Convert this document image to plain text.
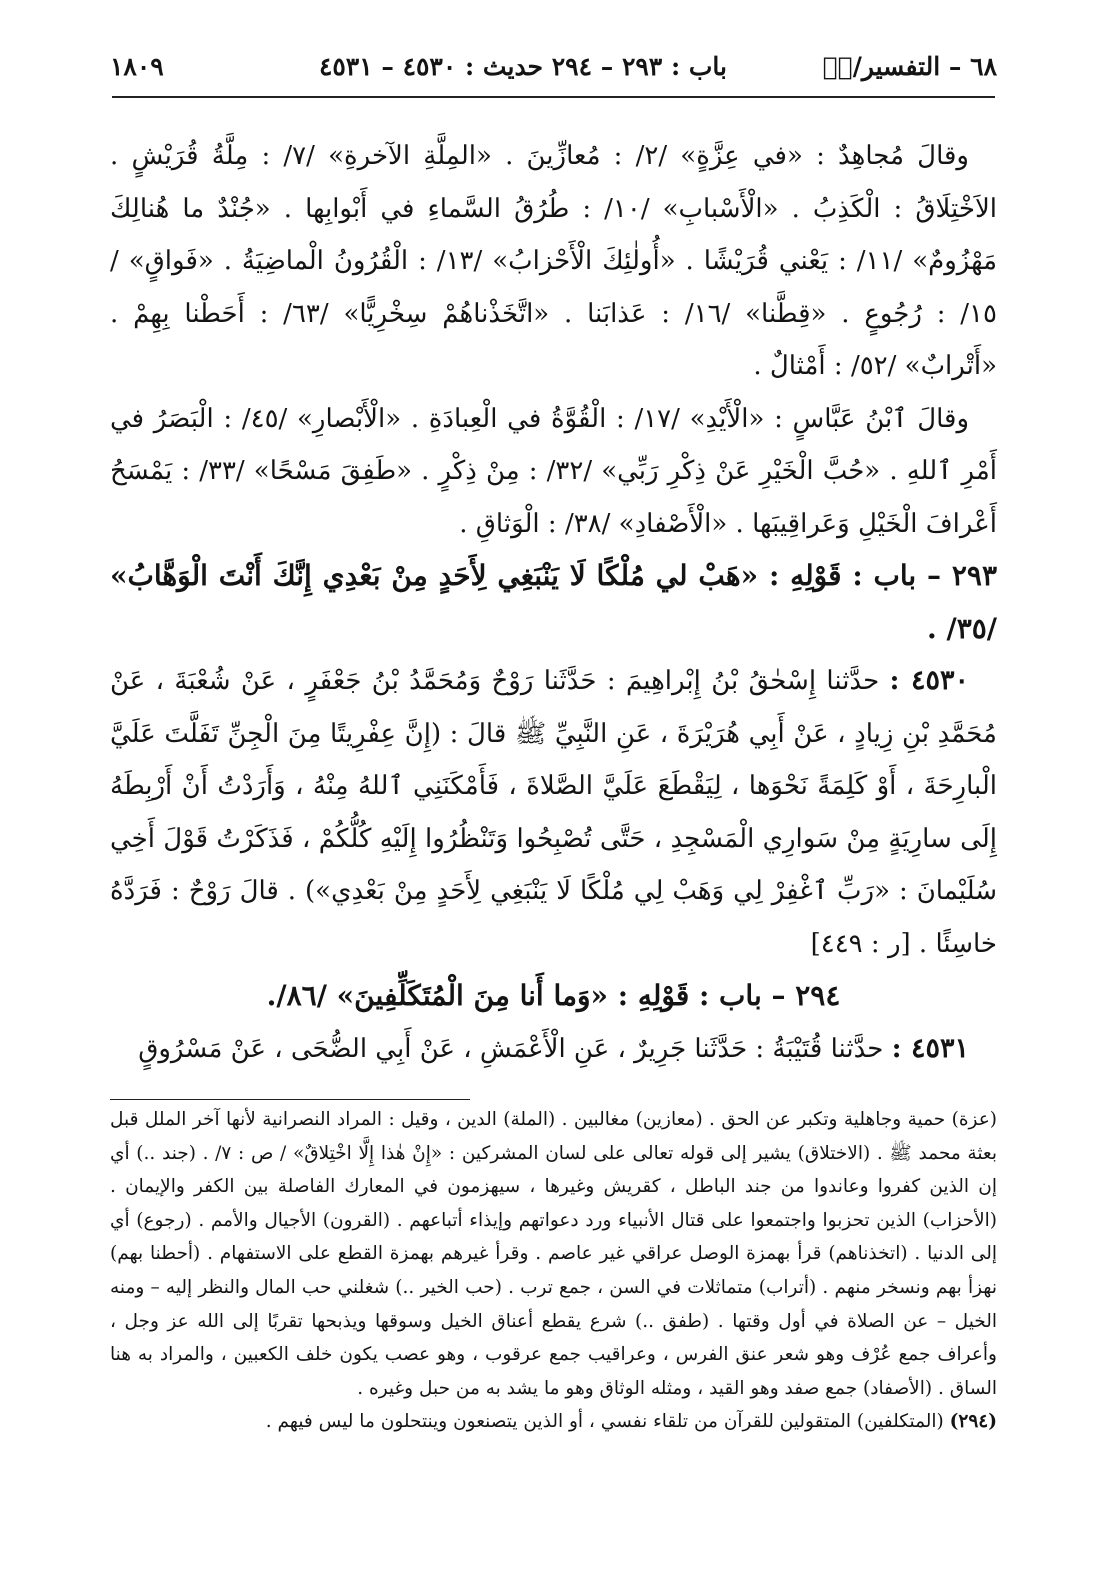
٦٨ – التفسير/صۤ
باب : ٢٩٣ – ٢٩٤ حديث : ٤٥٣٠ – ٤٥٣١
١٨٠٩

وقالَ مُجاهِدٌ : «في عِزَّةٍ» /٢/ : مُعازِّينَ . «المِلَّةِ الآخرةِ» /٧/ : مِلَّةُ قُرَيْشٍ . الاَخْتِلَاقُ : الْكَذِبُ . «الْأَسْبابِ» /١٠/ : طُرُقُ السَّماءِ في أَبْوابِها . «جُنْدٌ ما هُنالِكَ مَهْزُومٌ» /١١/ : يَعْني قُرَيْشًا . «أُولٰئِكَ الْأَحْزابُ» /١٣/ : الْقُرُونُ الْماضِيَةُ . «فَواقٍ» /١٥/ : رُجُوعٍ . «قِطَّنا» /١٦/ : عَذابَنا . «اتَّخَذْناهُمْ سِخْرِيًّا» /٦٣/ : أَحَطْنا بِهِمْ . «أَتْرابٌ» /٥٢/ : أَمْثالٌ .

وقالَ ٱبْنُ عَبَّاسٍ : «الْأَيْدِ» /١٧/ : الْقُوَّةُ في الْعِبادَةِ . «الْأَبْصارِ» /٤٥/ : الْبَصَرُ في أَمْرِ ٱللهِ . «حُبَّ الْخَيْرِ عَنْ ذِكْرِ رَبِّي» /٣٢/ : مِنْ ذِكْرٍ . «طَفِقَ مَسْحًا» /٣٣/ : يَمْسَحُ أَعْرافَ الْخَيْلِ وَعَراقِيبَها . «الْأَصْفادِ» /٣٨/ : الْوَثاقِ .

٢٩٣ – باب : قَوْلِهِ : «هَبْ لي مُلْكًا لَا يَنْبَغِي لِأَحَدٍ مِنْ بَعْدِي إِنَّكَ أَنْتَ الْوَهَّابُ» /٣٥/ .

٤٥٣٠ : حدَّثنا إِسْحٰقُ بْنُ إِبْراهِيمَ : حَدَّثَنا رَوْحٌ وَمُحَمَّدُ بْنُ جَعْفَرٍ ، عَنْ شُعْبَةَ ، عَنْ مُحَمَّدِ بْنِ زِيادٍ ، عَنْ أَبِي هُرَيْرَةَ ، عَنِ النَّبِيِّ ﷺ قالَ : (إِنَّ عِفْرِيتًا مِنَ الْجِنِّ تَفَلَّتَ عَلَيَّ الْبارِحَةَ ، أَوْ كَلِمَةً نَحْوَها ، لِيَقْطَعَ عَلَيَّ الصَّلاةَ ، فَأَمْكَنَنِي ٱللهُ مِنْهُ ، وَأَرَدْتُ أَنْ أَرْبِطَهُ إِلَى سارِيَةٍ مِنْ سَوارِي الْمَسْجِدِ ، حَتَّى تُصْبِحُوا وَتَنْظُرُوا إِلَيْهِ كُلُّكُمْ ، فَذَكَرْتُ قَوْلَ أَخِي سُلَيْمانَ : «رَبِّ ٱغْفِرْ لِي وَهَبْ لِي مُلْكًا لَا يَنْبَغِي لِأَحَدٍ مِنْ بَعْدِي») . قالَ رَوْحٌ : فَرَدَّهُ خاسِئًا . [ر : ٤٤٩]

٢٩٤ – باب : قَوْلِهِ : «وَما أَنا مِنَ الْمُتَكَلِّفِينَ» /٨٦/.

٤٥٣١ : حدَّثنا قُتَيْبَةُ : حَدَّثَنا جَرِيرٌ ، عَنِ الْأَعْمَشِ ، عَنْ أَبِي الضُّحَى ، عَنْ مَسْرُوقٍ

(عزة) حمية وجاهلية وتكبر عن الحق . (معازين) مغالبين . (الملة) الدين ، وقيل : المراد النصرانية لأنها آخر الملل قبل بعثة محمد ﷺ . (الاختلاق) يشير إلى قوله تعالى على لسان المشركين : «إِنْ هٰذا إِلَّا اخْتِلاقٌ» / ص : ٧/ . (جند ..) أي إن الذين كفروا وعاندوا من جند الباطل ، كقريش وغيرها ، سيهزمون في المعارك الفاصلة بين الكفر والإيمان . (الأحزاب) الذين تحزبوا واجتمعوا على قتال الأنبياء ورد دعواتهم وإيذاء أتباعهم . (القرون) الأجيال والأمم . (رجوع) أي إلى الدنيا . (اتخذناهم) قرأ بهمزة الوصل عراقي غير عاصم . وقرأ غيرهم بهمزة القطع على الاستفهام . (أحطنا بهم) نهزأ بهم ونسخر منهم . (أتراب) متماثلات في السن ، جمع ترب . (حب الخير ..) شغلني حب المال والنظر إليه – ومنه الخيل – عن الصلاة في أول وقتها . (طفق ..) شرع يقطع أعناق الخيل وسوقها ويذبحها تقربًا إلى الله عز وجل ، وأعراف جمع عُرْف وهو شعر عنق الفرس ، وعراقيب جمع عرقوب ، وهو عصب يكون خلف الكعبين ، والمراد به هنا الساق . (الأصفاد) جمع صفد وهو القيد ، ومثله الوثاق وهو ما يشد به من حبل وغيره .

(٢٩٤) (المتكلفين) المتقولين للقرآن من تلقاء نفسي ، أو الذين يتصنعون وينتحلون ما ليس فيهم .
